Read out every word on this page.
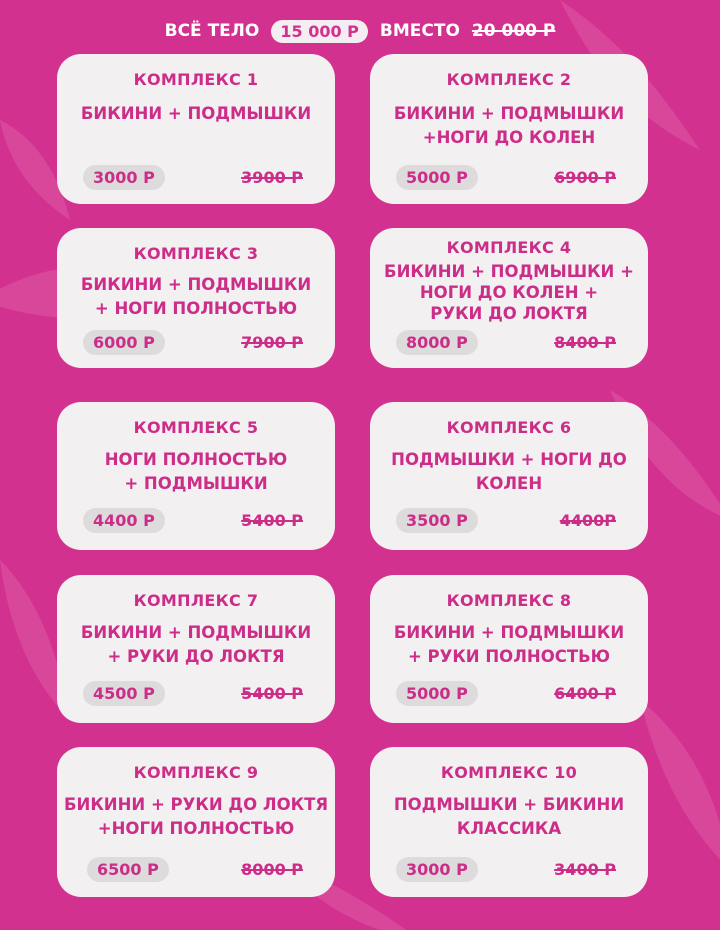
ВСЁ ТЕЛО	15 000 Р	ВМЕСТО 20 000 Р
КОМПЛЕКС 1
БИКИНИ + ПОДМЫШКИ
3000 Р	3900 Р
КОМПЛЕКС 2
БИКИНИ + ПОДМЫШКИ
+НОГИ ДО КОЛЕН
5000 Р	6900 Р
КОМПЛЕКС 3
БИКИНИ + ПОДМЫШКИ
+ НОГИ ПОЛНОСТЬЮ
6000 Р	7900 Р
КОМПЛЕКС 4
БИКИНИ + ПОДМЫШКИ +
НОГИ ДО КОЛЕН +
РУКИ ДО ЛОКТЯ
8000 Р	8400 Р
КОМПЛЕКС 5
НОГИ ПОЛНОСТЬЮ
+ ПОДМЫШКИ
4400 Р	5400 Р
КОМПЛЕКС 6
ПОДМЫШКИ + НОГИ ДО
КОЛЕН
3500 Р	4400Р
КОМПЛЕКС 7
БИКИНИ + ПОДМЫШКИ
+ РУКИ ДО ЛОКТЯ
4500 Р	5400 Р
КОМПЛЕКС 8
БИКИНИ + ПОДМЫШКИ
+ РУКИ ПОЛНОСТЬЮ
5000 Р	6400 Р
КОМПЛЕКС 9
БИКИНИ + РУКИ ДО ЛОКТЯ
+НОГИ ПОЛНОСТЬЮ
6500 Р	8000 Р
КОМПЛЕКС 10
ПОДМЫШКИ + БИКИНИ
КЛАССИКА
3000 Р	3400 Р
